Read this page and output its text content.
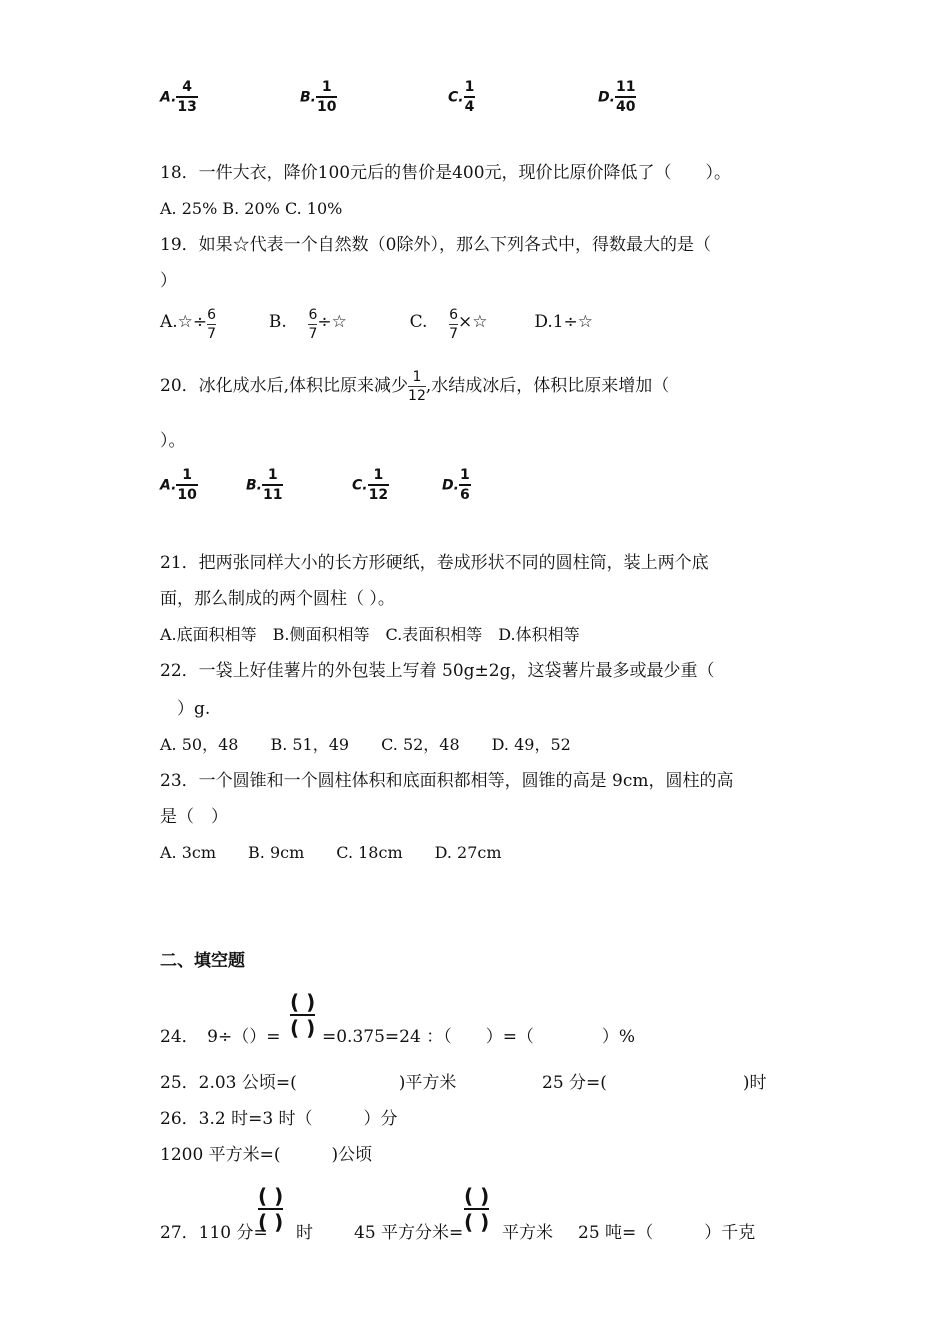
A. $\frac{4}{13}$	B. $\frac{1}{10}$	C. $\frac{1}{4}$	D. $\frac{11}{40}$
18．一件大衣，降价100元后的售价是400元，现价比原价降低了（　　）。
A. 25% B. 20% C. 10%
19．如果☆代表一个自然数（0除外），那么下列各式中，得数最大的是（
）
A.☆÷ $\frac{6}{7}$	B. $\frac{6}{7}$ ÷☆	C. $\frac{6}{7}$ ×☆	D.1÷☆
20．冰化成水后,体积比原来减少 $\frac{1}{12}$ ,水结成冰后，体积比原来增加（
）。
A. $\frac{1}{10}$	B. $\frac{1}{11}$	C. $\frac{1}{12}$	D. $\frac{1}{6}$
21．把两张同样大小的长方形硬纸，卷成形状不同的圆柱筒，装上两个底
面，那么制成的两个圆柱（ ）。
A.底面积相等　B.侧面积相等　C.表面积相等　D.体积相等
22．一袋上好佳薯片的外包装上写着 50g±2g，这袋薯片最多或最少重（
　）g.
A. 50，48　　B. 51，49　　C. 52，48　　D. 49，52
23．一个圆锥和一个圆柱体积和底面积都相等，圆锥的高是 9cm，圆柱的高
是（　）
A. 3cm　　B. 9cm　　C. 18cm　　D. 27cm
二、填空题
( )
( )
24．　9÷（）= =0.375=24 ：（　　）=（　　　　）%
25．2.03 公顷=(　　　　　　)平方米	25 分=(　　　　　　　　)时
26．3.2 时=3 时（　　　）分
1200 平方米=(　　　)公顷
27．110 分=
( )
( ) 时 45 平方分米=
( )
( ) 平方米 25 吨=（　　　）千克
